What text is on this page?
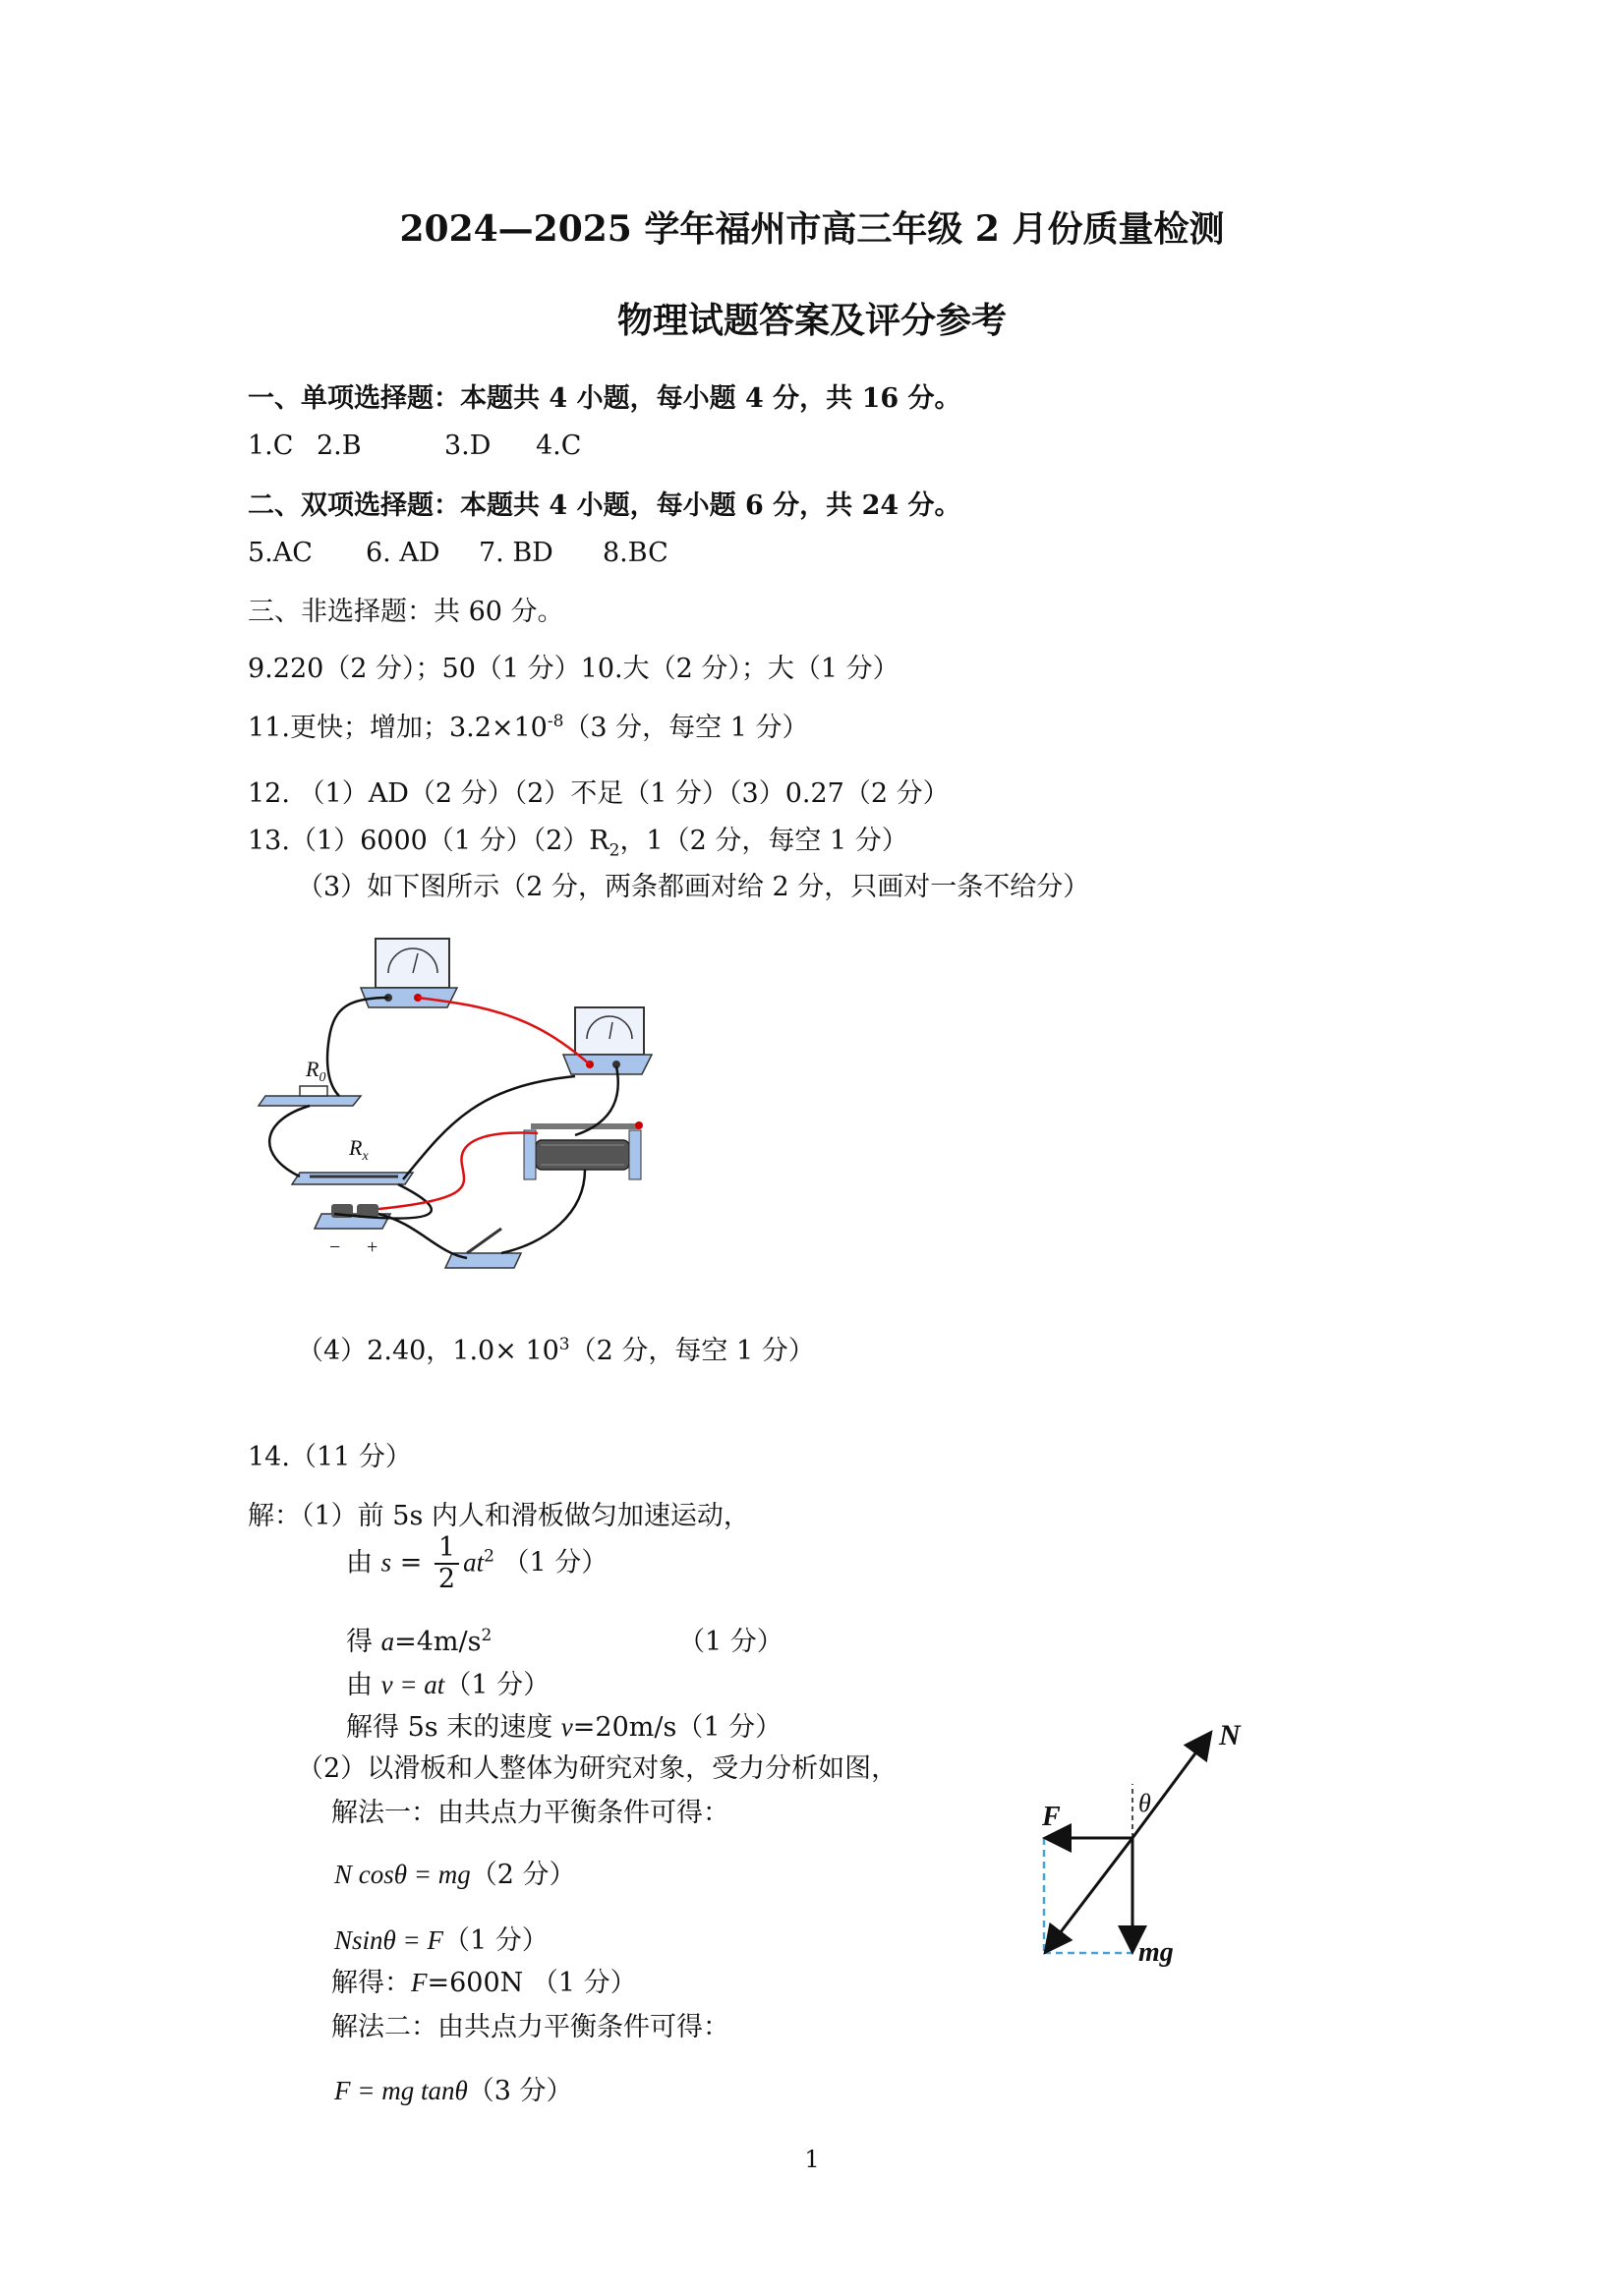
2024—2025 学年福州市高三年级 2 月份质量检测
物理试题答案及评分参考
一、单项选择题：本题共 4 小题，每小题 4 分，共 16 分。
1.C 2.B	3.D 4.C
二、双项选择题：本题共 4 小题，每小题 6 分，共 24 分。
5.AC 6. AD 7. BD 8.BC
三、非选择题：共 60 分。
9.220（2 分）；50（1 分）10.大（2 分）；大（1 分）
11.更快；增加；$3.2\times 10^{-8}(3$ 分，每空 1 分）
12. （1）AD（2 分）（2）不足（1 分）（3）0.27（2 分）
13.（1）6000（1 分）$(2)R_2$，1（2 分，每空 1 分）
（3）如下图所示（2 分，两条都画对给 2 分，只画对一条不给分）
$R_0$
$R_x$
− +
（4）2.40，$1.0\times 10^3(2$ 分，每空 1 分）
14.（11 分）
解：（1）前 5s 内人和滑板做匀加速运动，
由 $s = \frac{1}{2} at^2$ （1 分）
得 $a=4m/s^2$	（1 分）
由 v = at（1 分）
解得 5s 末的速度 v=20m/s（1 分）
（2）以滑板和人整体为研究对象，受力分析如图，
解法一：由共点力平衡条件可得：
N cosθ = mg（2 分）
Nsinθ = F（1 分）
解得：F=600N （1 分）
解法二：由共点力平衡条件可得：
F = mg tanθ（3 分）
N
F	θ
mg
1
